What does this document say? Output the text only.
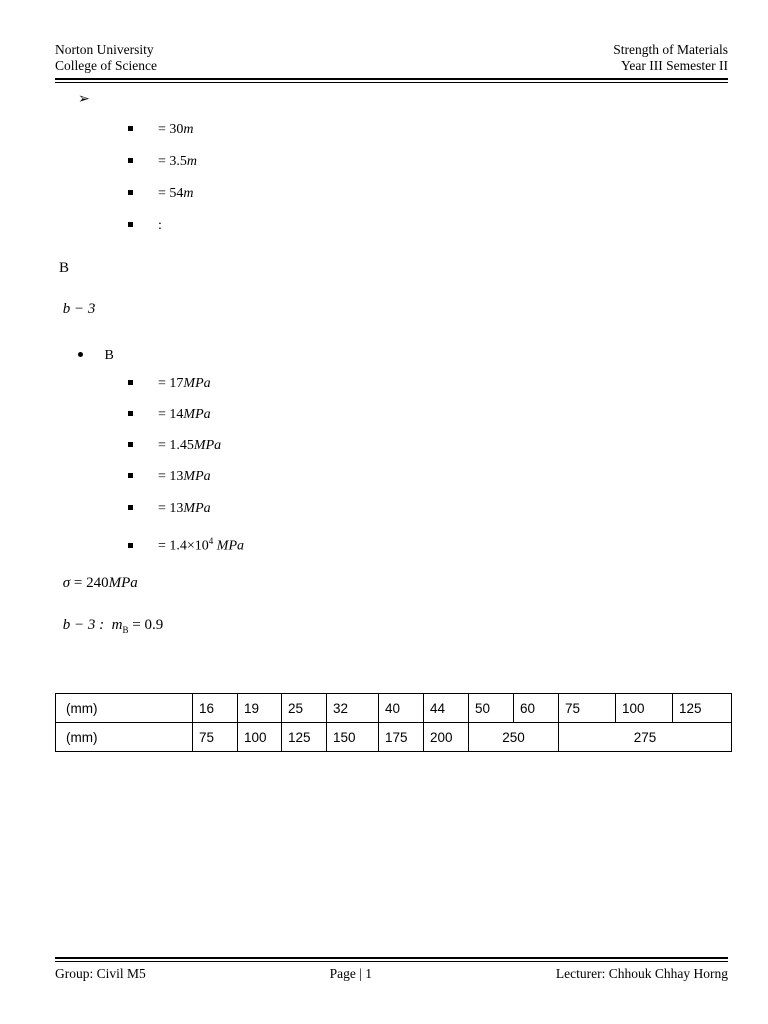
Norton University	Strength of Materials
College of Science	Year III Semester II
➢
= 30m
= 3.5m
= 54m
:
B
b − 3
B
= 17MPa
= 14MPa
= 1.45MPa
= 13MPa
= 13MPa
= $1.4\times 10^4$ MPa
σ = 240MPa
b − 3 : $m_B = 0.9$
(mm)	16	19	25	32	40	44	50	60	75	100	125
(mm)	75	100	125	150	175	200	250		275		
Group: Civil M5	Page | 1	Lecturer: Chhouk Chhay Horng
